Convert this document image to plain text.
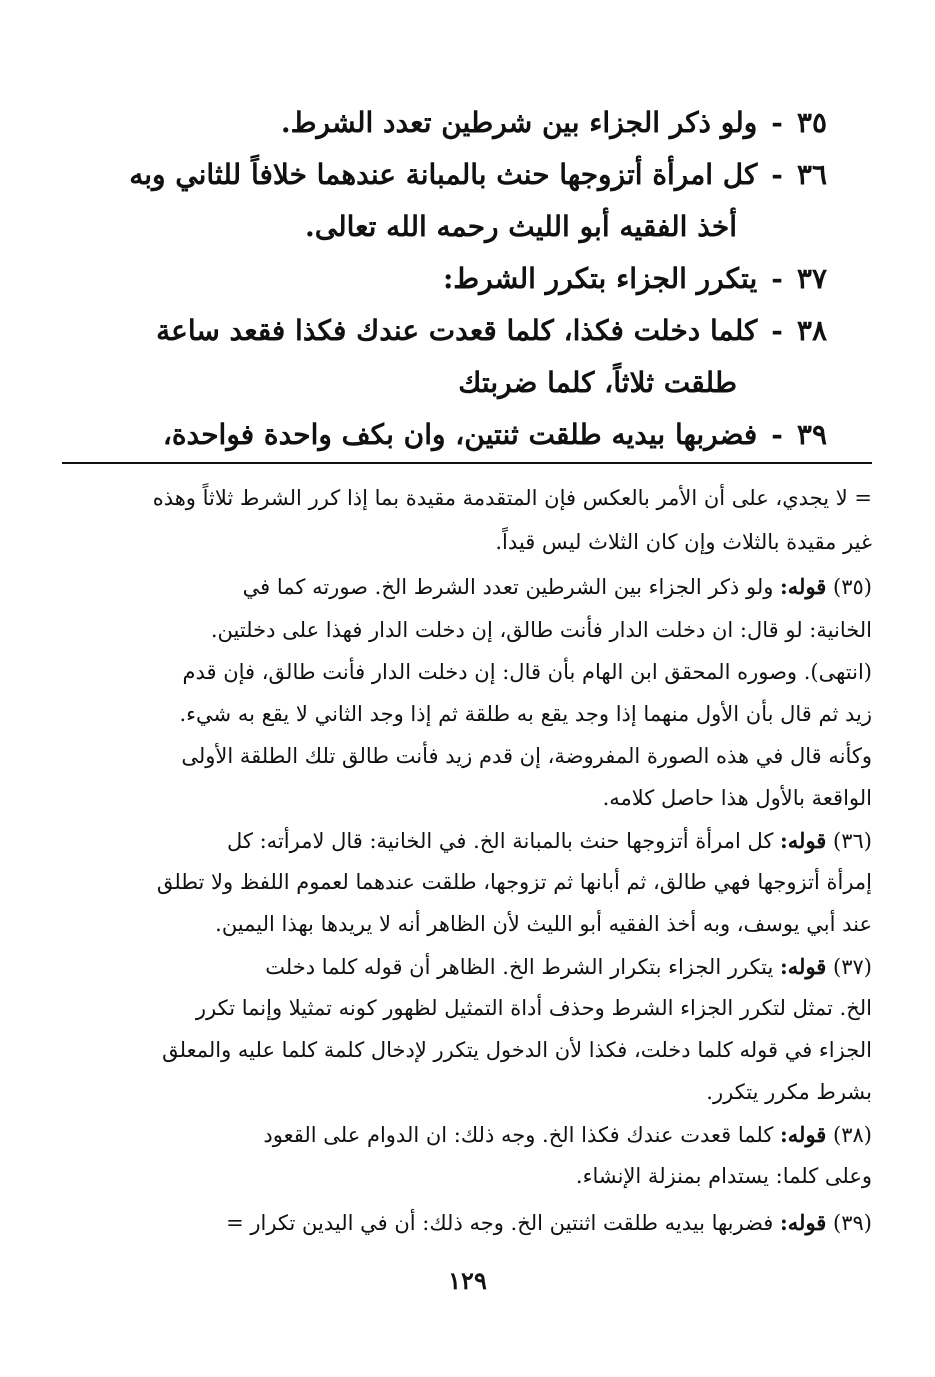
٣٥-ولو ذكر الجزاء بين شرطين تعدد الشرط.
٣٦-كل امرأة أتزوجها حنث بالمبانة عندهما خلافاً للثاني وبه
أخذ الفقيه أبو الليث رحمه الله تعالى.
٣٧-يتكرر الجزاء بتكرر الشرط:
٣٨-كلما دخلت فكذا، كلما قعدت عندك فكذا فقعد ساعة
طلقت ثلاثاً، كلما ضربتك
٣٩-فضربها بيديه طلقت ثنتين، وان بكف واحدة فواحدة،
= لا يجدي، على أن الأمر بالعكس فإن المتقدمة مقيدة بما إذا كرر الشرط ثلاثاً وهذه
غير مقيدة بالثلاث وإن كان الثلاث ليس قيداً.
(٣٥) قوله: ولو ذكر الجزاء بين الشرطين تعدد الشرط الخ. صورته كما في
الخانية: لو قال: ان دخلت الدار فأنت طالق، إن دخلت الدار فهذا على دخلتين.
(انتهى). وصوره المحقق ابن الهام بأن قال: إن دخلت الدار فأنت طالق، فإن قدم
زيد ثم قال بأن الأول منهما إذا وجد يقع به طلقة ثم إذا وجد الثاني لا يقع به شيء.
وكأنه قال في هذه الصورة المفروضة، إن قدم زيد فأنت طالق تلك الطلقة الأولى
الواقعة بالأول هذا حاصل كلامه.
(٣٦) قوله: كل امرأة أتزوجها حنث بالمبانة الخ. في الخانية: قال لامرأته: كل
إمرأة أتزوجها فهي طالق، ثم أبانها ثم تزوجها، طلقت عندهما لعموم اللفظ ولا تطلق
عند أبي يوسف، وبه أخذ الفقيه أبو الليث لأن الظاهر أنه لا يريدها بهذا اليمين.
(٣٧) قوله: يتكرر الجزاء بتكرار الشرط الخ. الظاهر أن قوله كلما دخلت
الخ. تمثل لتكرر الجزاء الشرط وحذف أداة التمثيل لظهور كونه تمثيلا وإنما تكرر
الجزاء في قوله كلما دخلت، فكذا لأن الدخول يتكرر لإدخال كلمة كلما عليه والمعلق
بشرط مكرر يتكرر.
(٣٨) قوله: كلما قعدت عندك فكذا الخ. وجه ذلك: ان الدوام على القعود
وعلى كلما: يستدام بمنزلة الإنشاء.
(٣٩) قوله: فضربها بيديه طلقت اثنتين الخ. وجه ذلك: أن في اليدين تكرار =
١٢٩
